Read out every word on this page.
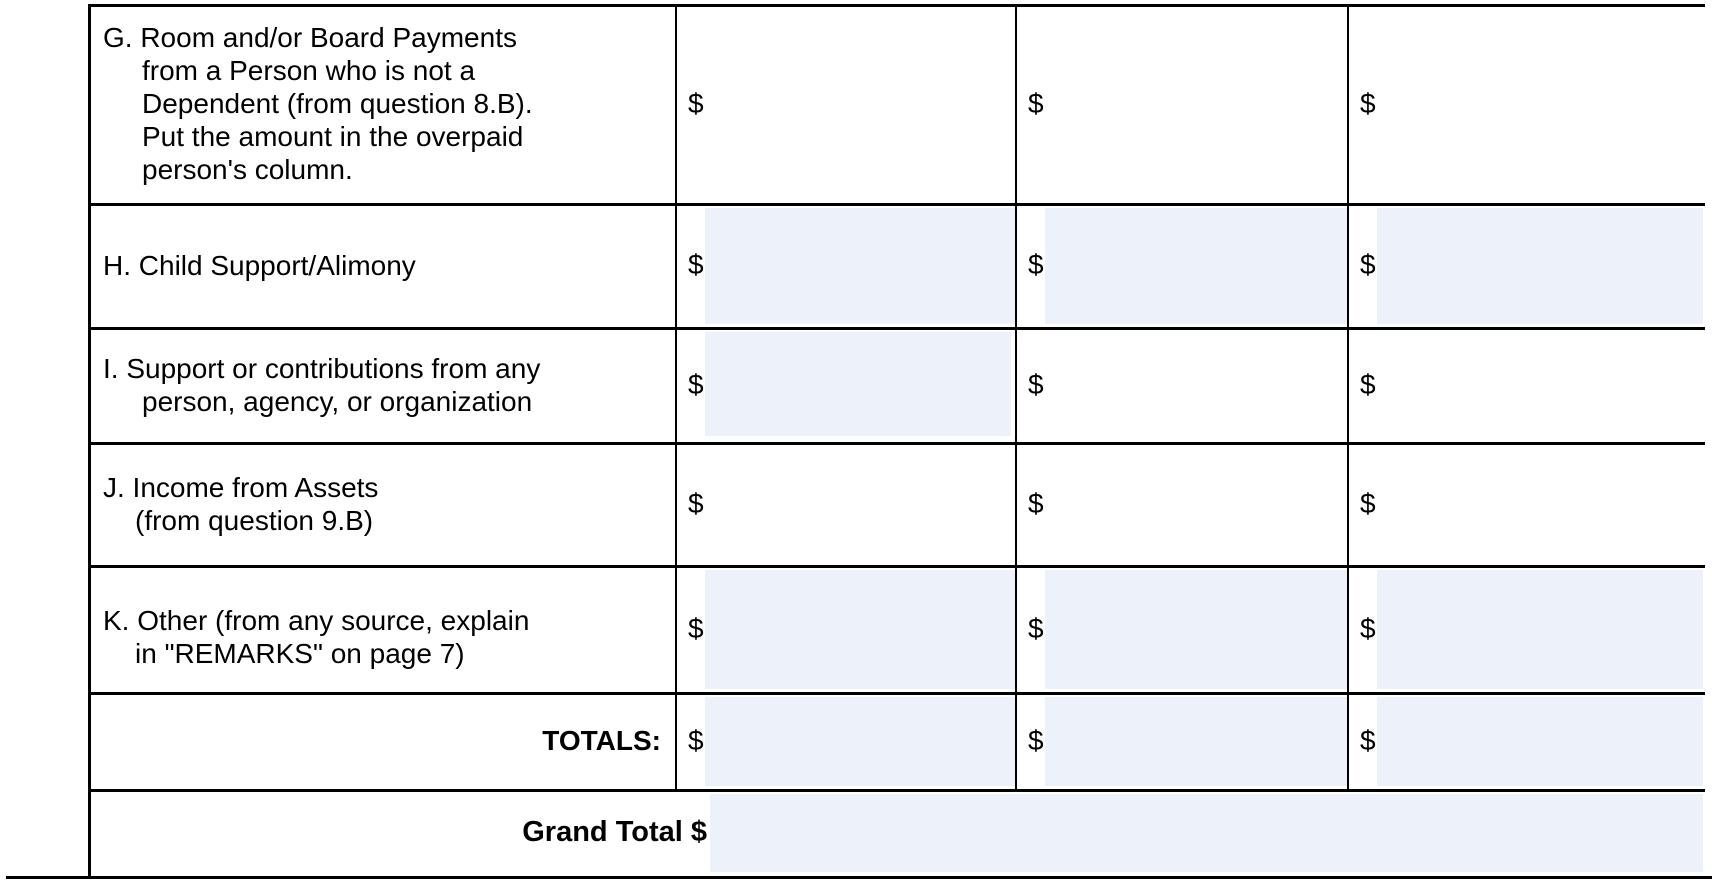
G. Room and/or Board Payments
from a Person who is not a
Dependent (from question 8.B).
Put the amount in the overpaid
person's column.
$	$	$
H. Child Support/Alimony	$	$	$
I. Support or contributions from any
person, agency, or organization
$	$	$
J. Income from Assets
(from question 9.B)
$	$	$
K. Other (from any source, explain
in "REMARKS" on page 7)
$	$	$
TOTALS: $	$	$
Grand Total $
